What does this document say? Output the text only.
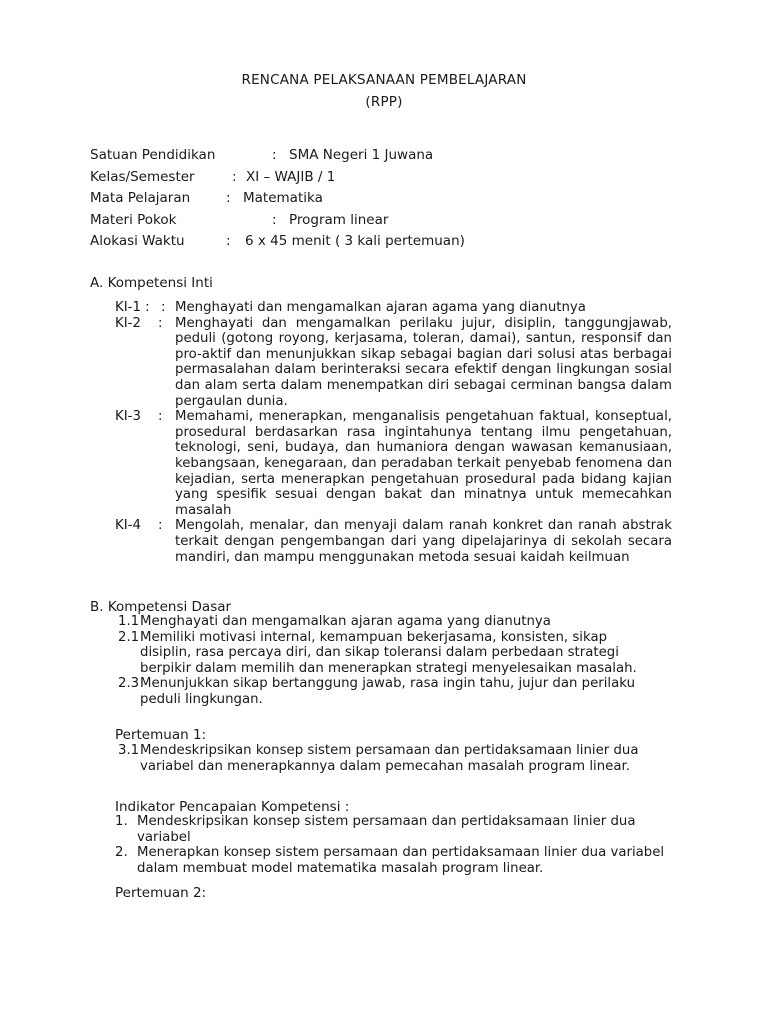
RENCANA PELAKSANAAN PEMBELAJARAN
(RPP)
Satuan Pendidikan	: SMA Negeri 1 Juwana
Kelas/Semester	: XI – WAJIB / 1
Mata Pelajaran	: Matematika
Materi Pokok	: Program linear
Alokasi Waktu	: 6 x 45 menit ( 3 kali pertemuan)
A. Kompetensi Inti
KI-1 : : Menghayati dan mengamalkan ajaran agama yang dianutnya
KI-2 : Menghayati dan mengamalkan perilaku jujur, disiplin, tanggungjawab, peduli (gotong royong, kerjasama, toleran, damai), santun, responsif dan pro-aktif dan menunjukkan sikap sebagai bagian dari solusi atas berbagai permasalahan dalam berinteraksi secara efektif dengan lingkungan sosial dan alam serta dalam menempatkan diri sebagai cerminan bangsa dalam pergaulan dunia.
KI-3 : Memahami, menerapkan, menganalisis pengetahuan faktual, konseptual, prosedural berdasarkan rasa ingintahunya tentang ilmu pengetahuan, teknologi, seni, budaya, dan humaniora dengan wawasan kemanusiaan, kebangsaan, kenegaraan, dan peradaban terkait penyebab fenomena dan kejadian, serta menerapkan pengetahuan prosedural pada bidang kajian yang spesifik sesuai dengan bakat dan minatnya untuk memecahkan masalah
KI-4 : Mengolah, menalar, dan menyaji dalam ranah konkret dan ranah abstrak terkait dengan pengembangan dari yang dipelajarinya di sekolah secara mandiri, dan mampu menggunakan metoda sesuai kaidah keilmuan
B. Kompetensi Dasar
1.1 Menghayati dan mengamalkan ajaran agama yang dianutnya
2.1 Memiliki motivasi internal, kemampuan bekerjasama, konsisten, sikap disiplin, rasa percaya diri, dan sikap toleransi dalam perbedaan strategi berpikir dalam memilih dan menerapkan strategi menyelesaikan masalah.
2.3 Menunjukkan sikap bertanggung jawab, rasa ingin tahu, jujur dan perilaku peduli lingkungan.
Pertemuan 1:
3.1 Mendeskripsikan konsep sistem persamaan dan pertidaksamaan linier dua variabel dan menerapkannya dalam pemecahan masalah program linear.
Indikator Pencapaian Kompetensi :
1. Mendeskripsikan konsep sistem persamaan dan pertidaksamaan linier dua variabel
2. Menerapkan konsep sistem persamaan dan pertidaksamaan linier dua variabel dalam membuat model matematika masalah program linear.
Pertemuan 2:
